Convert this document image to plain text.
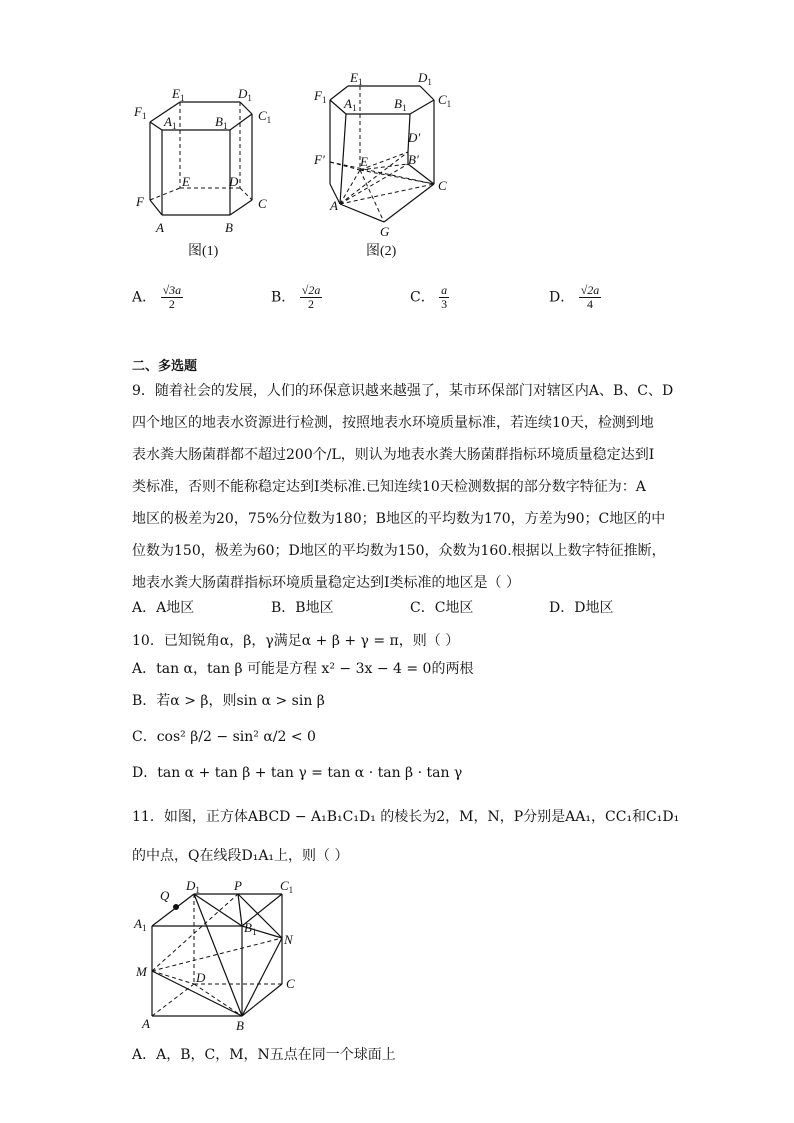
$E_1$	$D_1$
$F_1$ $A_1$	$B_1$
$C_1$
E	D
F	C
A	B
图(1)
$E_1$	$D_1$
$F_1$ $A_1$	$B_1$
$C_1$
D′
F′	E	B′
C
A
G
图(2)
A． $\frac{√3a}{2}$	B． $\frac{√2a}{2}$	C． $\frac{a}{3}$	D． $\frac{√2a}{4}$
二、多选题
9．随着社会的发展，人们的环保意识越来越强了，某市环保部门对辖区内A、B、C、D
四个地区的地表水资源进行检测，按照地表水环境质量标准，若连续10天，检测到地
表水粪大肠菌群都不超过200个/L，则认为地表水粪大肠菌群指标环境质量稳定达到Ⅰ
类标准，否则不能称稳定达到Ⅰ类标准.已知连续10天检测数据的部分数字特征为：A
地区的极差为20，75%分位数为180；B地区的平均数为170，方差为90；C地区的中
位数为150，极差为60；D地区的平均数为150，众数为160.根据以上数字特征推断，
地表水粪大肠菌群指标环境质量稳定达到Ⅰ类标准的地区是（ ）
A．A地区	B．B地区	C．C地区	D．D地区
10．已知锐角α，β，γ满足α + β + γ = π，则（ ）
A．tan α，tan β 可能是方程 x² − 3x − 4 = 0的两根
B．若α > β，则sin α > sin β
C．cos² β/2 − sin² α/2 < 0
D．tan α + tan β + tan γ = tan α · tan β · tan γ
11．如图，正方体ABCD − A₁B₁C₁D₁ 的棱长为2，M，N，P分别是AA₁，CC₁和C₁D₁
的中点，Q在线段D₁A₁上，则（ ）
Q
$D_1$	P	$C_1$
$A_1$	$B_1$ N
M	D	C
A	B
A．A，B，C，M，N五点在同一个球面上
